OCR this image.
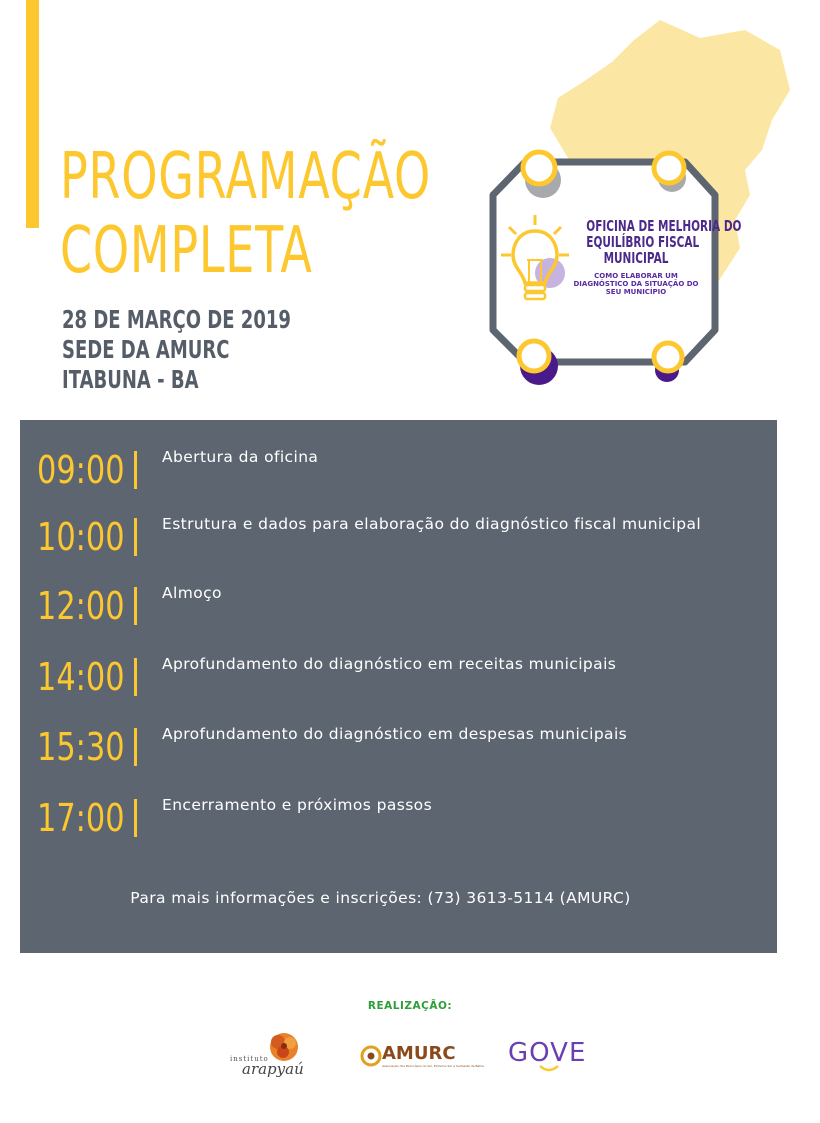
PROGRAMAÇÃO
COMPLETA
28 DE MARÇO DE 2019
SEDE DA AMURC
ITABUNA - BA
OFICINA DE MELHORIA DO
EQUILÍBRIO FISCAL
MUNICIPAL
COMO ELABORAR UM
DIAGNÓSTICO DA SITUAÇÃO DO
SEU MUNICÍPIO
09:00 Abertura da oficina
10:00 Estrutura e dados para elaboração do diagnóstico fiscal municipal
12:00 Almoço
14:00 Aprofundamento do diagnóstico em receitas municipais
15:30 Aprofundamento do diagnóstico em despesas municipais
17:00 Encerramento e próximos passos
Para mais informações e inscrições: (73) 3613-5114 (AMURC)
REALIZAÇÃO:
instituto
arapyaú
AMURC
Associação dos Municípios do Sul, Extremo Sul e Sudoeste da Bahia GOVE
